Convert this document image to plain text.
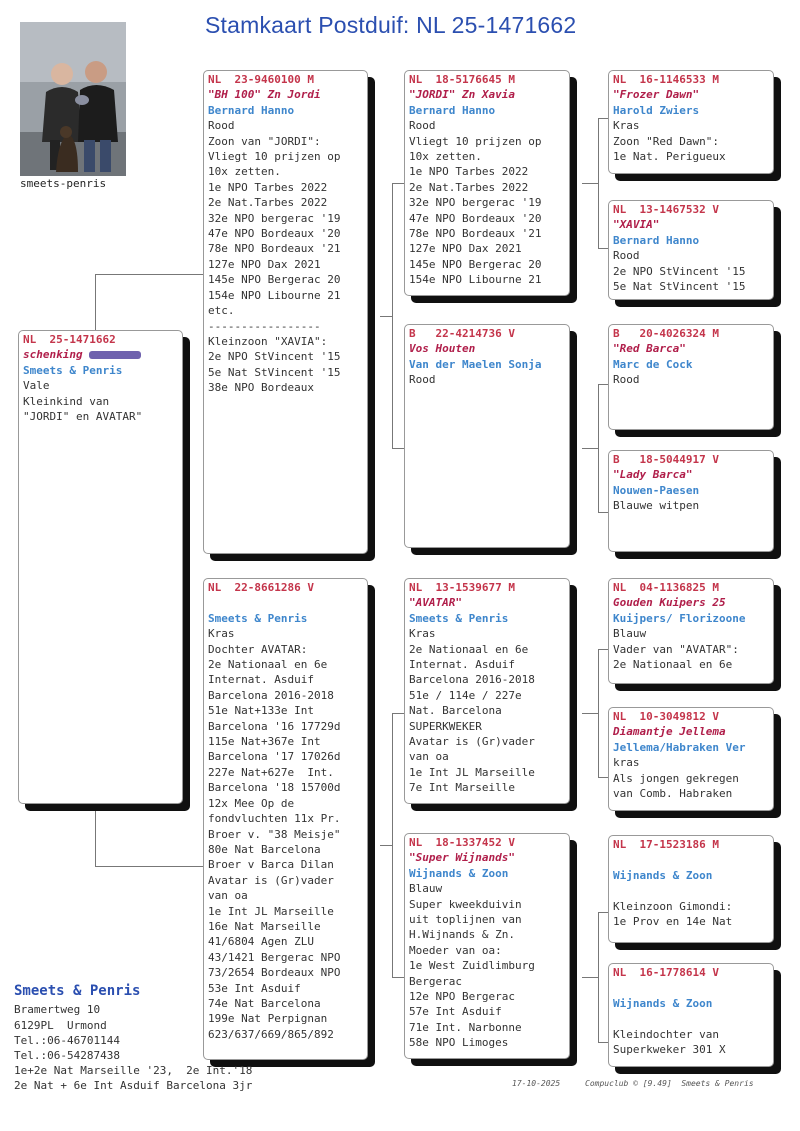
Stamkaart Postduif: NL 25-1471662
smeets-penris
NL  25-1471662
schenking
Smeets & Penris
Vale
Kleinkind van
"JORDI" en AVATAR"
NL  23-9460100 M
"BH 100" Zn Jordi
Bernard Hanno
Rood
Zoon van "JORDI":
Vliegt 10 prijzen op
10x zetten.
1e NPO Tarbes 2022
2e Nat.Tarbes 2022
32e NPO bergerac '19
47e NPO Bordeaux '20
78e NPO Bordeaux '21
127e NPO Dax 2021
145e NPO Bergerac 20
154e NPO Libourne 21
etc.
-----------------
Kleinzoon "XAVIA":
2e NPO StVincent '15
5e Nat StVincent '15
38e NPO Bordeaux
NL  22-8661286 V

Smeets & Penris
Kras
Dochter AVATAR:
2e Nationaal en 6e
Internat. Asduif
Barcelona 2016-2018
51e Nat+133e Int
Barcelona '16 17729d
115e Nat+367e Int
Barcelona '17 17026d
227e Nat+627e  Int.
Barcelona '18 15700d
12x Mee Op de
fondvluchten 11x Pr.
Broer v. "38 Meisje"
80e Nat Barcelona
Broer v Barca Dilan
Avatar is (Gr)vader
van oa
1e Int JL Marseille
16e Nat Marseille
41/6804 Agen ZLU
43/1421 Bergerac NPO
73/2654 Bordeaux NPO
53e Int Asduif
74e Nat Barcelona
199e Nat Perpignan
623/637/669/865/892
NL  18-5176645 M
"JORDI" Zn Xavia
Bernard Hanno
Rood
Vliegt 10 prijzen op
10x zetten.
1e NPO Tarbes 2022
2e Nat.Tarbes 2022
32e NPO bergerac '19
47e NPO Bordeaux '20
78e NPO Bordeaux '21
127e NPO Dax 2021
145e NPO Bergerac 20
154e NPO Libourne 21
B   22-4214736 V
Vos Houten
Van der Maelen Sonja
Rood
NL  13-1539677 M
"AVATAR"
Smeets & Penris
Kras
2e Nationaal en 6e
Internat. Asduif
Barcelona 2016-2018
51e / 114e / 227e
Nat. Barcelona
SUPERKWEKER
Avatar is (Gr)vader
van oa
1e Int JL Marseille
7e Int Marseille
NL  18-1337452 V
"Super Wijnands"
Wijnands & Zoon
Blauw
Super kweekduivin
uit toplijnen van
H.Wijnands & Zn.
Moeder van oa:
1e West Zuidlimburg
Bergerac
12e NPO Bergerac
57e Int Asduif
71e Int. Narbonne
58e NPO Limoges
NL  16-1146533 M
"Frozer Dawn"
Harold Zwiers
Kras
Zoon "Red Dawn":
1e Nat. Perigueux
NL  13-1467532 V
"XAVIA"
Bernard Hanno
Rood
2e NPO StVincent '15
5e Nat StVincent '15
B   20-4026324 M
"Red Barca"
Marc de Cock
Rood
B   18-5044917 V
"Lady Barca"
Nouwen-Paesen
Blauwe witpen
NL  04-1136825 M
Gouden Kuipers 25
Kuijpers/ Florizoone
Blauw
Vader van "AVATAR":
2e Nationaal en 6e
NL  10-3049812 V
Diamantje Jellema
Jellema/Habraken Ver
kras
Als jongen gekregen
van Comb. Habraken
NL  17-1523186 M

Wijnands & Zoon

Kleinzoon Gimondi:
1e Prov en 14e Nat
NL  16-1778614 V

Wijnands & Zoon

Kleindochter van
Superkweker 301 X
Smeets & Penris
Bramertweg 10
6129PL  Urmond
Tel.:06-46701144
Tel.:06-54287438
1e+2e Nat Marseille '23,  2e Int.'18
2e Nat + 6e Int Asduif Barcelona 3jr	17-10-2025	Compuclub © [9.49]  Smeets & Penris
